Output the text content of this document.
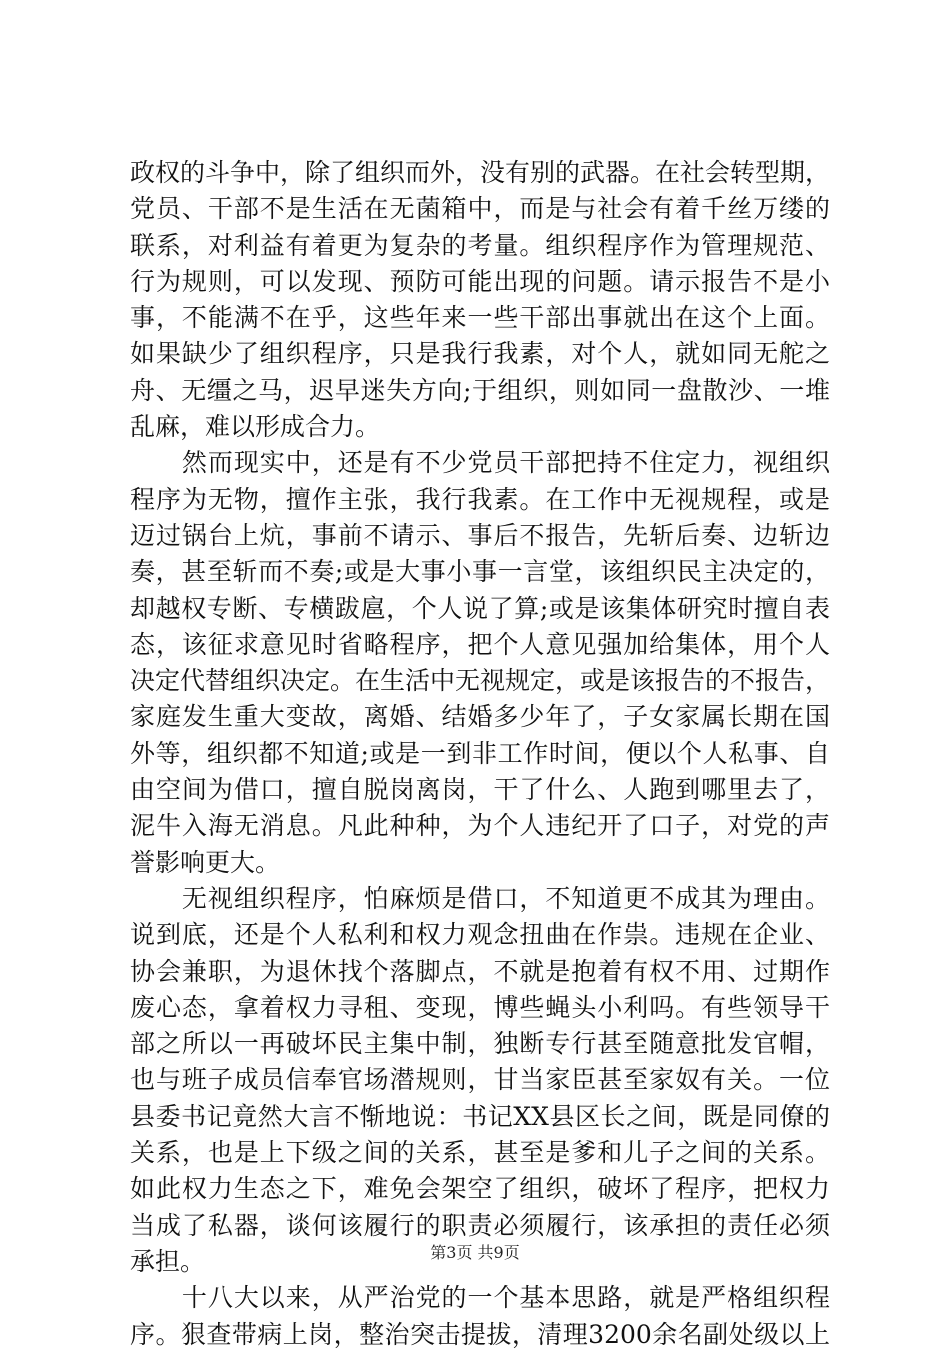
政权的斗争中，除了组织而外，没有别的武器。在社会转型期，
党员、干部不是生活在无菌箱中，而是与社会有着千丝万缕的
联系，对利益有着更为复杂的考量。组织程序作为管理规范、
行为规则，可以发现、预防可能出现的问题。请示报告不是小
事，不能满不在乎，这些年来一些干部出事就出在这个上面。
如果缺少了组织程序，只是我行我素，对个人，就如同无舵之
舟、无缰之马，迟早迷失方向;于组织，则如同一盘散沙、一堆
乱麻，难以形成合力。
　　然而现实中，还是有不少党员干部把持不住定力，视组织
程序为无物，擅作主张，我行我素。在工作中无视规程，或是
迈过锅台上炕，事前不请示、事后不报告，先斩后奏、边斩边
奏，甚至斩而不奏;或是大事小事一言堂，该组织民主决定的，
却越权专断、专横跋扈，个人说了算;或是该集体研究时擅自表
态，该征求意见时省略程序，把个人意见强加给集体，用个人
决定代替组织决定。在生活中无视规定，或是该报告的不报告，
家庭发生重大变故，离婚、结婚多少年了，子女家属长期在国
外等，组织都不知道;或是一到非工作时间，便以个人私事、自
由空间为借口，擅自脱岗离岗，干了什么、人跑到哪里去了，
泥牛入海无消息。凡此种种，为个人违纪开了口子，对党的声
誉影响更大。
　　无视组织程序，怕麻烦是借口，不知道更不成其为理由。
说到底，还是个人私利和权力观念扭曲在作祟。违规在企业、
协会兼职，为退休找个落脚点，不就是抱着有权不用、过期作
废心态，拿着权力寻租、变现，博些蝇头小利吗。有些领导干
部之所以一再破坏民主集中制，独断专行甚至随意批发官帽，
也与班子成员信奉官场潜规则，甘当家臣甚至家奴有关。一位
县委书记竟然大言不惭地说：书记XX县区长之间，既是同僚的
关系，也是上下级之间的关系，甚至是爹和儿子之间的关系。
如此权力生态之下，难免会架空了组织，破坏了程序，把权力
当成了私器，谈何该履行的职责必须履行，该承担的责任必须
承担。
　　十八大以来，从严治党的一个基本思路，就是严格组织程
序。狠查带病上岗，整治突击提拔，清理3200余名副处级以上
第3页 共9页
